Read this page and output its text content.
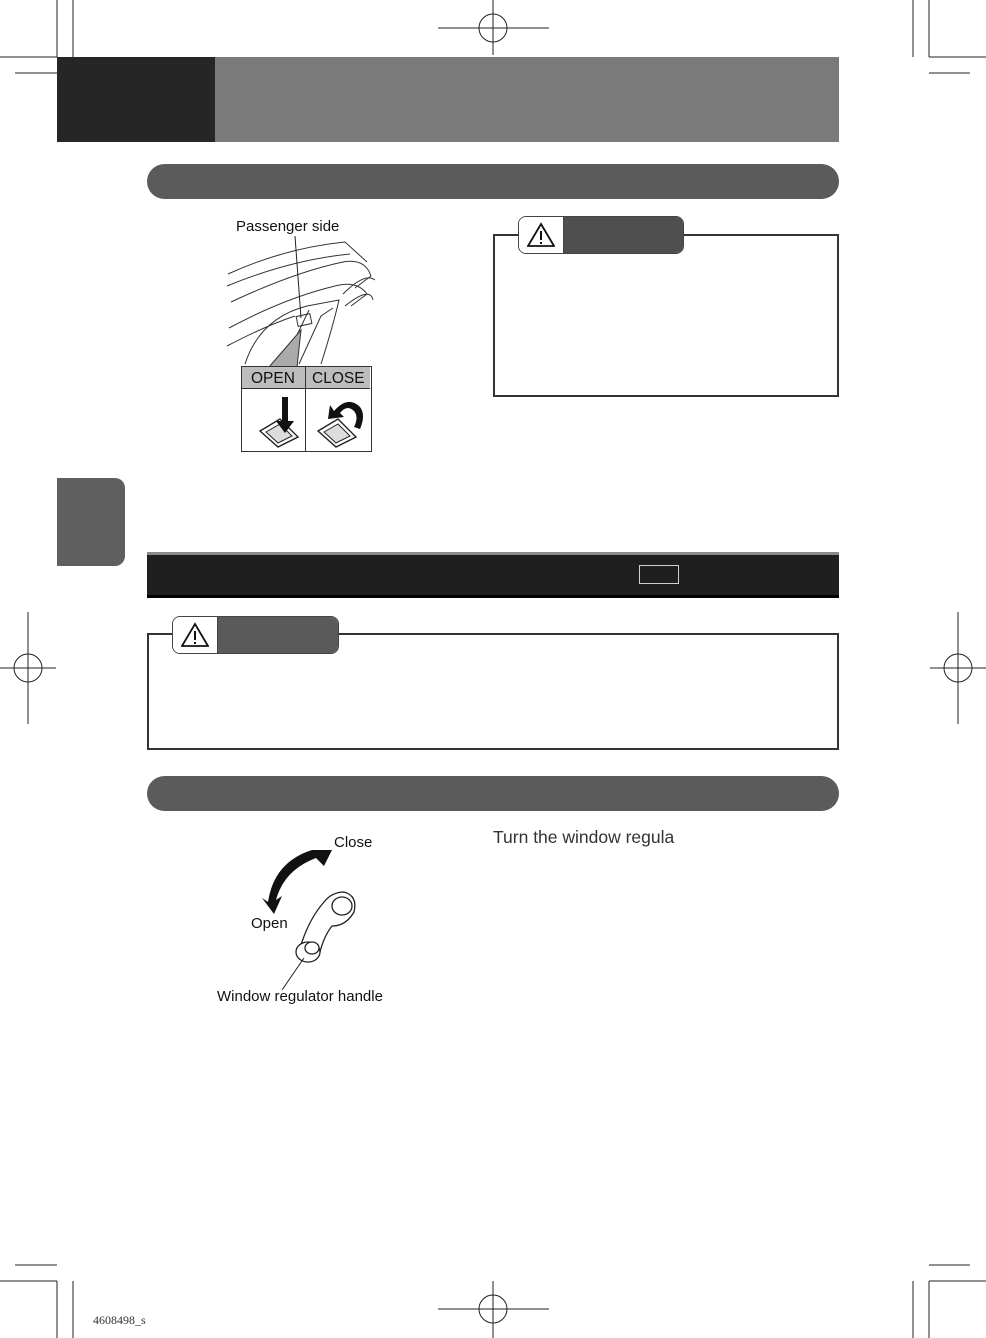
Passenger side
OPEN CLOSE
Close
Open
Window regulator handle
Turn the window regula
4608498_s
